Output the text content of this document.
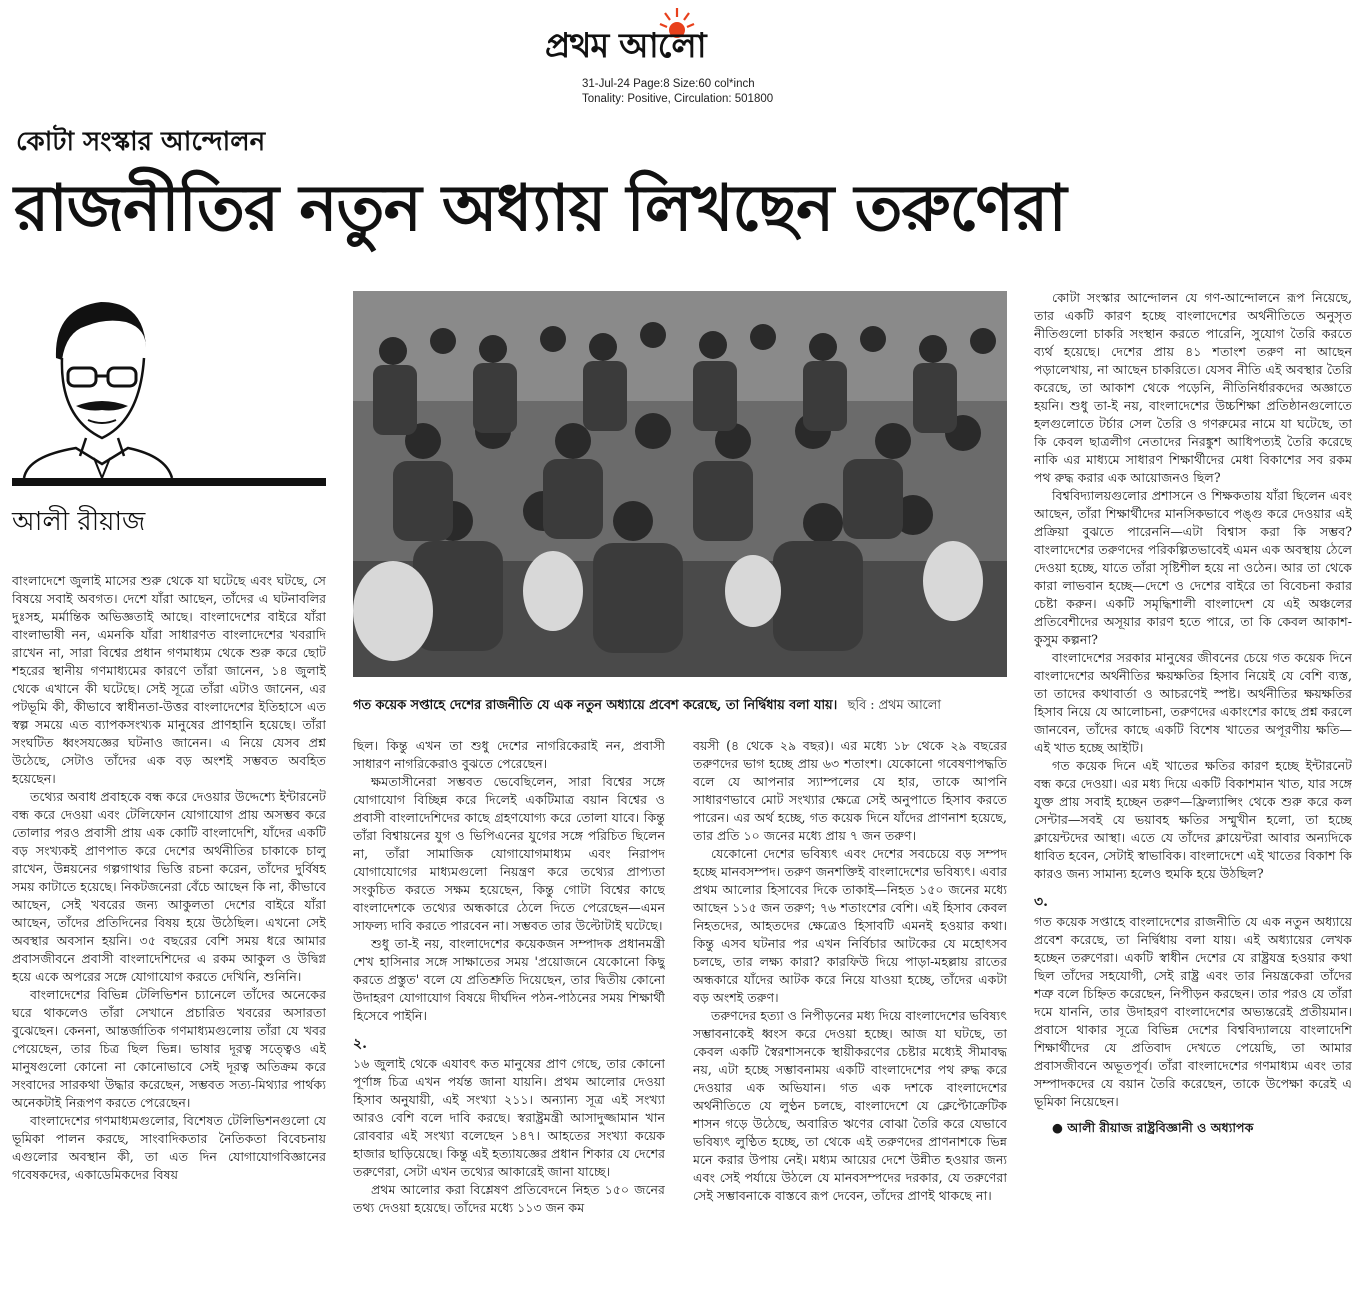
প্রথম আলো
31-Jul-24 Page:8 Size:60 col*inch
Tonality: Positive, Circulation: 501800
কোটা সংস্কার আন্দোলন
রাজনীতির নতুন অধ্যায় লিখছেন তরুণেরা
আলী রীয়াজ
গত কয়েক সপ্তাহে দেশের রাজনীতি যে এক নতুন অধ্যায়ে প্রবেশ করেছে, তা নির্দ্বিধায় বলা যায়। ছবি : প্রথম আলো

বাংলাদেশে জুলাই মাসের শুরু থেকে যা ঘটেছে এবং ঘটছে, সে বিষয়ে সবাই অবগত। দেশে যাঁরা আছেন, তাঁদের এ ঘটনাবলির দুঃসহ, মর্মান্তিক অভিজ্ঞতাই আছে। বাংলাদেশের বাইরে যাঁরা বাংলাভাষী নন, এমনকি যাঁরা সাধারণত বাংলাদেশের খবরাদি রাখেন না, সারা বিশ্বের প্রধান গণমাধ্যম থেকে শুরু করে ছোট শহরের স্থানীয় গণমাধ্যমের কারণে তাঁরা জানেন, ১৪ জুলাই থেকে এখানে কী ঘটেছে। সেই সূত্রে তাঁরা এটাও জানেন, এর পটভূমি কী, কীভাবে স্বাধীনতা-উত্তর বাংলাদেশের ইতিহাসে এত স্বল্প সময়ে এত ব্যাপকসংখ্যক মানুষের প্রাণহানি হয়েছে। তাঁরা সংঘটিত ধ্বংসযজ্ঞের ঘটনাও জানেন। এ নিয়ে যেসব প্রশ্ন উঠেছে, সেটাও তাঁদের এক বড় অংশই সম্ভবত অবহিত হয়েছেন।

তথ্যের অবাধ প্রবাহকে বন্ধ করে দেওয়ার উদ্দেশ্যে ইন্টারনেট বন্ধ করে দেওয়া এবং টেলিফোন যোগাযোগ প্রায় অসম্ভব করে তোলার পরও প্রবাসী প্রায় এক কোটি বাংলাদেশি, যাঁদের একটি বড় সংখ্যকই প্রাণপাত করে দেশের অর্থনীতির চাকাকে চালু রাখেন, উন্নয়নের গল্পগাথার ভিত্তি রচনা করেন, তাঁদের দুর্বিষহ সময় কাটাতে হয়েছে। নিকটজনেরা বেঁচে আছেন কি না, কীভাবে আছেন, সেই খবরের জন্য আকুলতা দেশের বাইরে যাঁরা আছেন, তাঁদের প্রতিদিনের বিষয় হয়ে উঠেছিল। এখনো সেই অবস্থার অবসান হয়নি। ৩৫ বছরের বেশি সময় ধরে আমার প্রবাসজীবনে প্রবাসী বাংলাদেশিদের এ রকম আকুল ও উদ্বিগ্ন হয়ে একে অপরের সঙ্গে যোগাযোগ করতে দেখিনি, শুনিনি।

বাংলাদেশের বিভিন্ন টেলিভিশন চ্যানেলে তাঁদের অনেকের ঘরে থাকলেও তাঁরা সেখানে প্রচারিত খবরের অসারতা বুঝেছেন। কেননা, আন্তর্জাতিক গণমাধ্যমগুলোয় তাঁরা যে খবর পেয়েছেন, তার চিত্র ছিল ভিন্ন। ভাষার দূরত্ব সত্ত্বেও এই মানুষগুলো কোনো না কোনোভাবে সেই দূরত্ব অতিক্রম করে সংবাদের সারকথা উদ্ধার করেছেন, সম্ভবত সত্য-মিথ্যার পার্থক্য অনেকটাই নিরূপণ করতে পেরেছেন।

বাংলাদেশের গণমাধ্যমগুলোর, বিশেষত টেলিভিশনগুলো যে ভূমিকা পালন করছে, সাংবাদিকতার নৈতিকতা বিবেচনায় এগুলোর অবস্থান কী, তা এত দিন যোগাযোগবিজ্ঞানের গবেষকদের, একাডেমিকদের বিষয়

ছিল। কিন্তু এখন তা শুধু দেশের নাগরিকেরাই নন, প্রবাসী সাধারণ নাগরিকেরাও বুঝতে পেরেছেন।

ক্ষমতাসীনেরা সম্ভবত ভেবেছিলেন, সারা বিশ্বের সঙ্গে যোগাযোগ বিচ্ছিন্ন করে দিলেই একটিমাত্র বয়ান বিশ্বের ও প্রবাসী বাংলাদেশিদের কাছে গ্রহণযোগ্য করে তোলা যাবে। কিন্তু তাঁরা বিশ্বায়নের যুগ ও ভিপিএনের যুগের সঙ্গে পরিচিত ছিলেন না, তাঁরা সামাজিক যোগাযোগমাধ্যম এবং নিরাপদ যোগাযোগের মাধ্যমগুলো নিয়ন্ত্রণ করে তথ্যের প্রাপ্যতা সংকুচিত করতে সক্ষম হয়েছেন, কিন্তু গোটা বিশ্বের কাছে বাংলাদেশকে তথ্যের অন্ধকারে ঠেলে দিতে পেরেছেন—এমন সাফল্য দাবি করতে পারবেন না। সম্ভবত তার উল্টোটাই ঘটেছে।

শুধু তা-ই নয়, বাংলাদেশের কয়েকজন সম্পাদক প্রধানমন্ত্রী শেখ হাসিনার সঙ্গে সাক্ষাতের সময় 'প্রয়োজনে যেকোনো কিছু করতে প্রস্তুত' বলে যে প্রতিশ্রুতি দিয়েছেন, তার দ্বিতীয় কোনো উদাহরণ যোগাযোগ বিষয়ে দীর্ঘদিন পঠন-পাঠনের সময় শিক্ষার্থী হিসেবে পাইনি।

২.

১৬ জুলাই থেকে এযাবৎ কত মানুষের প্রাণ গেছে, তার কোনো পূর্ণাঙ্গ চিত্র এখন পর্যন্ত জানা যায়নি। প্রথম আলোর দেওয়া হিসাব অনুযায়ী, এই সংখ্যা ২১১। অন্যান্য সূত্র এই সংখ্যা আরও বেশি বলে দাবি করছে। স্বরাষ্ট্রমন্ত্রী আসাদুজ্জামান খান রোববার এই সংখ্যা বলেছেন ১৪৭। আহতের সংখ্যা কয়েক হাজার ছাড়িয়েছে। কিন্তু এই হত্যাযজ্ঞের প্রধান শিকার যে দেশের তরুণেরা, সেটা এখন তথ্যের আকারেই জানা যাচ্ছে।

প্রথম আলোর করা বিশ্লেষণ প্রতিবেদনে নিহত ১৫০ জনের তথ্য দেওয়া হয়েছে। তাঁদের মধ্যে ১১৩ জন কম

বয়সী (৪ থেকে ২৯ বছর)। এর মধ্যে ১৮ থেকে ২৯ বছরের তরুণদের ভাগ হচ্ছে প্রায় ৬৩ শতাংশ। যেকোনো গবেষণাপদ্ধতি বলে যে আপনার স্যাম্পলের যে হার, তাকে আপনি সাধারণভাবে মোট সংখ্যার ক্ষেত্রে সেই অনুপাতে হিসাব করতে পারেন। এর অর্থ হচ্ছে, গত কয়েক দিনে যাঁদের প্রাণনাশ হয়েছে, তার প্রতি ১০ জনের মধ্যে প্রায় ৭ জন তরুণ।

যেকোনো দেশের ভবিষ্যৎ এবং দেশের সবচেয়ে বড় সম্পদ হচ্ছে মানবসম্পদ। তরুণ জনশক্তিই বাংলাদেশের ভবিষ্যৎ। এবার প্রথম আলোর হিসাবের দিকে তাকাই—নিহত ১৫০ জনের মধ্যে আছেন ১১৫ জন তরুণ; ৭৬ শতাংশের বেশি। এই হিসাব কেবল নিহতদের, আহতদের ক্ষেত্রেও হিসাবটি এমনই হওয়ার কথা। কিন্তু এসব ঘটনার পর এখন নির্বিচার আটকের যে মহোৎসব চলছে, তার লক্ষ্য কারা? কারফিউ দিয়ে পাড়া-মহল্লায় রাতের অন্ধকারে যাঁদের আটক করে নিয়ে যাওয়া হচ্ছে, তাঁদের একটা বড় অংশই তরুণ।

তরুণদের হত্যা ও নিপীড়নের মধ্য দিয়ে বাংলাদেশের ভবিষ্যৎ সম্ভাবনাকেই ধ্বংস করে দেওয়া হচ্ছে। আজ যা ঘটছে, তা কেবল একটি স্বৈরশাসনকে স্থায়ীকরণের চেষ্টার মধ্যেই সীমাবদ্ধ নয়, এটা হচ্ছে সম্ভাবনাময় একটি বাংলাদেশের পথ রুদ্ধ করে দেওয়ার এক অভিযান। গত এক দশকে বাংলাদেশের অর্থনীতিতে যে লুণ্ঠন চলছে, বাংলাদেশে যে ক্লেপ্টোক্রেটিক শাসন গড়ে উঠেছে, অবারিত ঋণের বোঝা তৈরি করে যেভাবে ভবিষ্যৎ লুণ্ঠিত হচ্ছে, তা থেকে এই তরুণদের প্রাণনাশকে ভিন্ন মনে করার উপায় নেই। মধ্যম আয়ের দেশে উন্নীত হওয়ার জন্য এবং সেই পর্যায়ে উঠলে যে মানবসম্পদের দরকার, যে তরুণেরা সেই সম্ভাবনাকে বাস্তবে রূপ দেবেন, তাঁদের প্রাণই থাকছে না।

কোটা সংস্কার আন্দোলন যে গণ-আন্দোলনে রূপ নিয়েছে, তার একটি কারণ হচ্ছে বাংলাদেশের অর্থনীতিতে অনুসৃত নীতিগুলো চাকরি সংস্থান করতে পারেনি, সুযোগ তৈরি করতে ব্যর্থ হয়েছে। দেশের প্রায় ৪১ শতাংশ তরুণ না আছেন পড়ালেখায়, না আছেন চাকরিতে। যেসব নীতি এই অবস্থার তৈরি করেছে, তা আকাশ থেকে পড়েনি, নীতিনির্ধারকদের অজ্ঞাতে হয়নি। শুধু তা-ই নয়, বাংলাদেশের উচ্চশিক্ষা প্রতিষ্ঠানগুলোতে হলগুলোতে টর্চার সেল তৈরি ও গণরুমের নামে যা ঘটেছে, তা কি কেবল ছাত্রলীগ নেতাদের নিরঙ্কুশ আধিপত্যই তৈরি করেছে নাকি এর মাধ্যমে সাধারণ শিক্ষার্থীদের মেধা বিকাশের সব রকম পথ রুদ্ধ করার এক আয়োজনও ছিল?

বিশ্ববিদ্যালয়গুলোর প্রশাসনে ও শিক্ষকতায় যাঁরা ছিলেন এবং আছেন, তাঁরা শিক্ষার্থীদের মানসিকভাবে পঙ্গু করে দেওয়ার এই প্রক্রিয়া বুঝতে পারেননি—এটা বিশ্বাস করা কি সম্ভব? বাংলাদেশের তরুণদের পরিকল্পিতভাবেই এমন এক অবস্থায় ঠেলে দেওয়া হচ্ছে, যাতে তাঁরা সৃষ্টিশীল হয়ে না ওঠেন। আর তা থেকে কারা লাভবান হচ্ছে—দেশে ও দেশের বাইরে তা বিবেচনা করার চেষ্টা করুন। একটি সমৃদ্ধিশালী বাংলাদেশ যে এই অঞ্চলের প্রতিবেশীদের অসূয়ার কারণ হতে পারে, তা কি কেবল আকাশ-কুসুম কল্পনা?

বাংলাদেশের সরকার মানুষের জীবনের চেয়ে গত কয়েক দিনে বাংলাদেশের অর্থনীতির ক্ষয়ক্ষতির হিসাব নিয়েই যে বেশি ব্যস্ত, তা তাদের কথাবার্তা ও আচরণেই স্পষ্ট। অর্থনীতির ক্ষয়ক্ষতির হিসাব নিয়ে যে আলোচনা, তরুণদের একাংশের কাছে প্রশ্ন করলে জানবেন, তাঁদের কাছে একটি বিশেষ খাতের অপূরণীয় ক্ষতি—এই খাত হচ্ছে আইটি।

গত কয়েক দিনে এই খাতের ক্ষতির কারণ হচ্ছে ইন্টারনেট বন্ধ করে দেওয়া। এর মধ্য দিয়ে একটি বিকাশমান খাত, যার সঙ্গে যুক্ত প্রায় সবাই হচ্ছেন তরুণ—ফ্রিল্যান্সিং থেকে শুরু করে কল সেন্টার—সবই যে ভয়াবহ ক্ষতির সম্মুখীন হলো, তা হচ্ছে ক্লায়েন্টদের আস্থা। এতে যে তাঁদের ক্লায়েন্টরা আবার অন্যদিকে ধাবিত হবেন, সেটাই স্বাভাবিক। বাংলাদেশে এই খাতের বিকাশ কি কারও জন্য সামান্য হলেও হুমকি হয়ে উঠছিল?

৩.

গত কয়েক সপ্তাহে বাংলাদেশের রাজনীতি যে এক নতুন অধ্যায়ে প্রবেশ করেছে, তা নির্দ্বিধায় বলা যায়। এই অধ্যায়ের লেখক হচ্ছেন তরুণেরা। একটি স্বাধীন দেশের যে রাষ্ট্রযন্ত্র হওয়ার কথা ছিল তাঁদের সহযোগী, সেই রাষ্ট্র এবং তার নিয়ন্ত্রকেরা তাঁদের শত্রু বলে চিহ্নিত করেছেন, নিপীড়ন করছেন। তার পরও যে তাঁরা দমে যাননি, তার উদাহরণ বাংলাদেশের অভ্যন্তরেই প্রতীয়মান। প্রবাসে থাকার সূত্রে বিভিন্ন দেশের বিশ্ববিদ্যালয়ে বাংলাদেশি শিক্ষার্থীদের যে প্রতিবাদ দেখতে পেয়েছি, তা আমার প্রবাসজীবনে অভূতপূর্ব। তাঁরা বাংলাদেশের গণমাধ্যম এবং তার সম্পাদকদের যে বয়ান তৈরি করেছেন, তাকে উপেক্ষা করেই এ ভূমিকা নিয়েছেন।

● আলী রীয়াজ রাষ্ট্রবিজ্ঞানী ও অধ্যাপক
